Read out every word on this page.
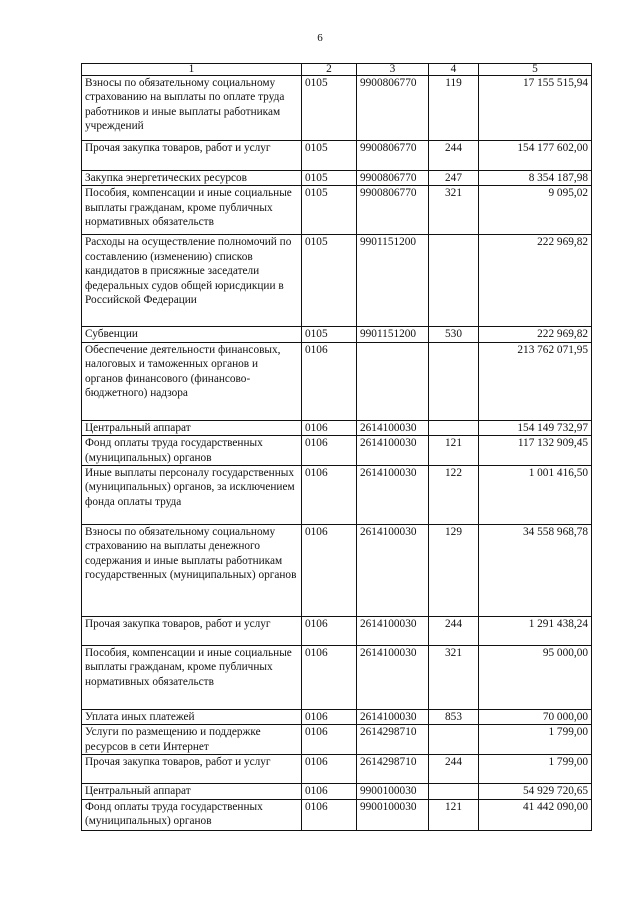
6
1	2	3	4	5
Взносы по обязательному социальному страхованию на выплаты по оплате труда работников и иные выплаты работникам учреждений	0105	9900806770	119	17 155 515,94
Прочая закупка товаров, работ и услуг	0105	9900806770	244	154 177 602,00
Закупка энергетических ресурсов	0105	9900806770	247	8 354 187,98
Пособия, компенсации и иные социальные выплаты гражданам, кроме публичных нормативных обязательств	0105	9900806770	321	9 095,02
Расходы на осуществление полномочий по составлению (изменению) списков кандидатов в присяжные заседатели федеральных судов общей юрисдикции в Российской Федерации	0105	9901151200		222 969,82
Субвенции	0105	9901151200	530	222 969,82
Обеспечение деятельности финансовых, налоговых и таможенных органов и органов финансового (финансово-бюджетного) надзора	0106			213 762 071,95
Центральный аппарат	0106	2614100030		154 149 732,97
Фонд оплаты труда государственных (муниципальных) органов	0106	2614100030	121	117 132 909,45
Иные выплаты персоналу государственных (муниципальных) органов, за исключением фонда оплаты труда	0106	2614100030	122	1 001 416,50
Взносы по обязательному социальному страхованию на выплаты денежного содержания и иные выплаты работникам государственных (муниципальных) органов	0106	2614100030	129	34 558 968,78
Прочая закупка товаров, работ и услуг	0106	2614100030	244	1 291 438,24
Пособия, компенсации и иные социальные выплаты гражданам, кроме публичных нормативных обязательств	0106	2614100030	321	95 000,00
Уплата иных платежей	0106	2614100030	853	70 000,00
Услуги по размещению и поддержке ресурсов в сети Интернет	0106	2614298710		1 799,00
Прочая закупка товаров, работ и услуг	0106	2614298710	244	1 799,00
Центральный аппарат	0106	9900100030		54 929 720,65
Фонд оплаты труда государственных (муниципальных) органов	0106	9900100030	121	41 442 090,00
